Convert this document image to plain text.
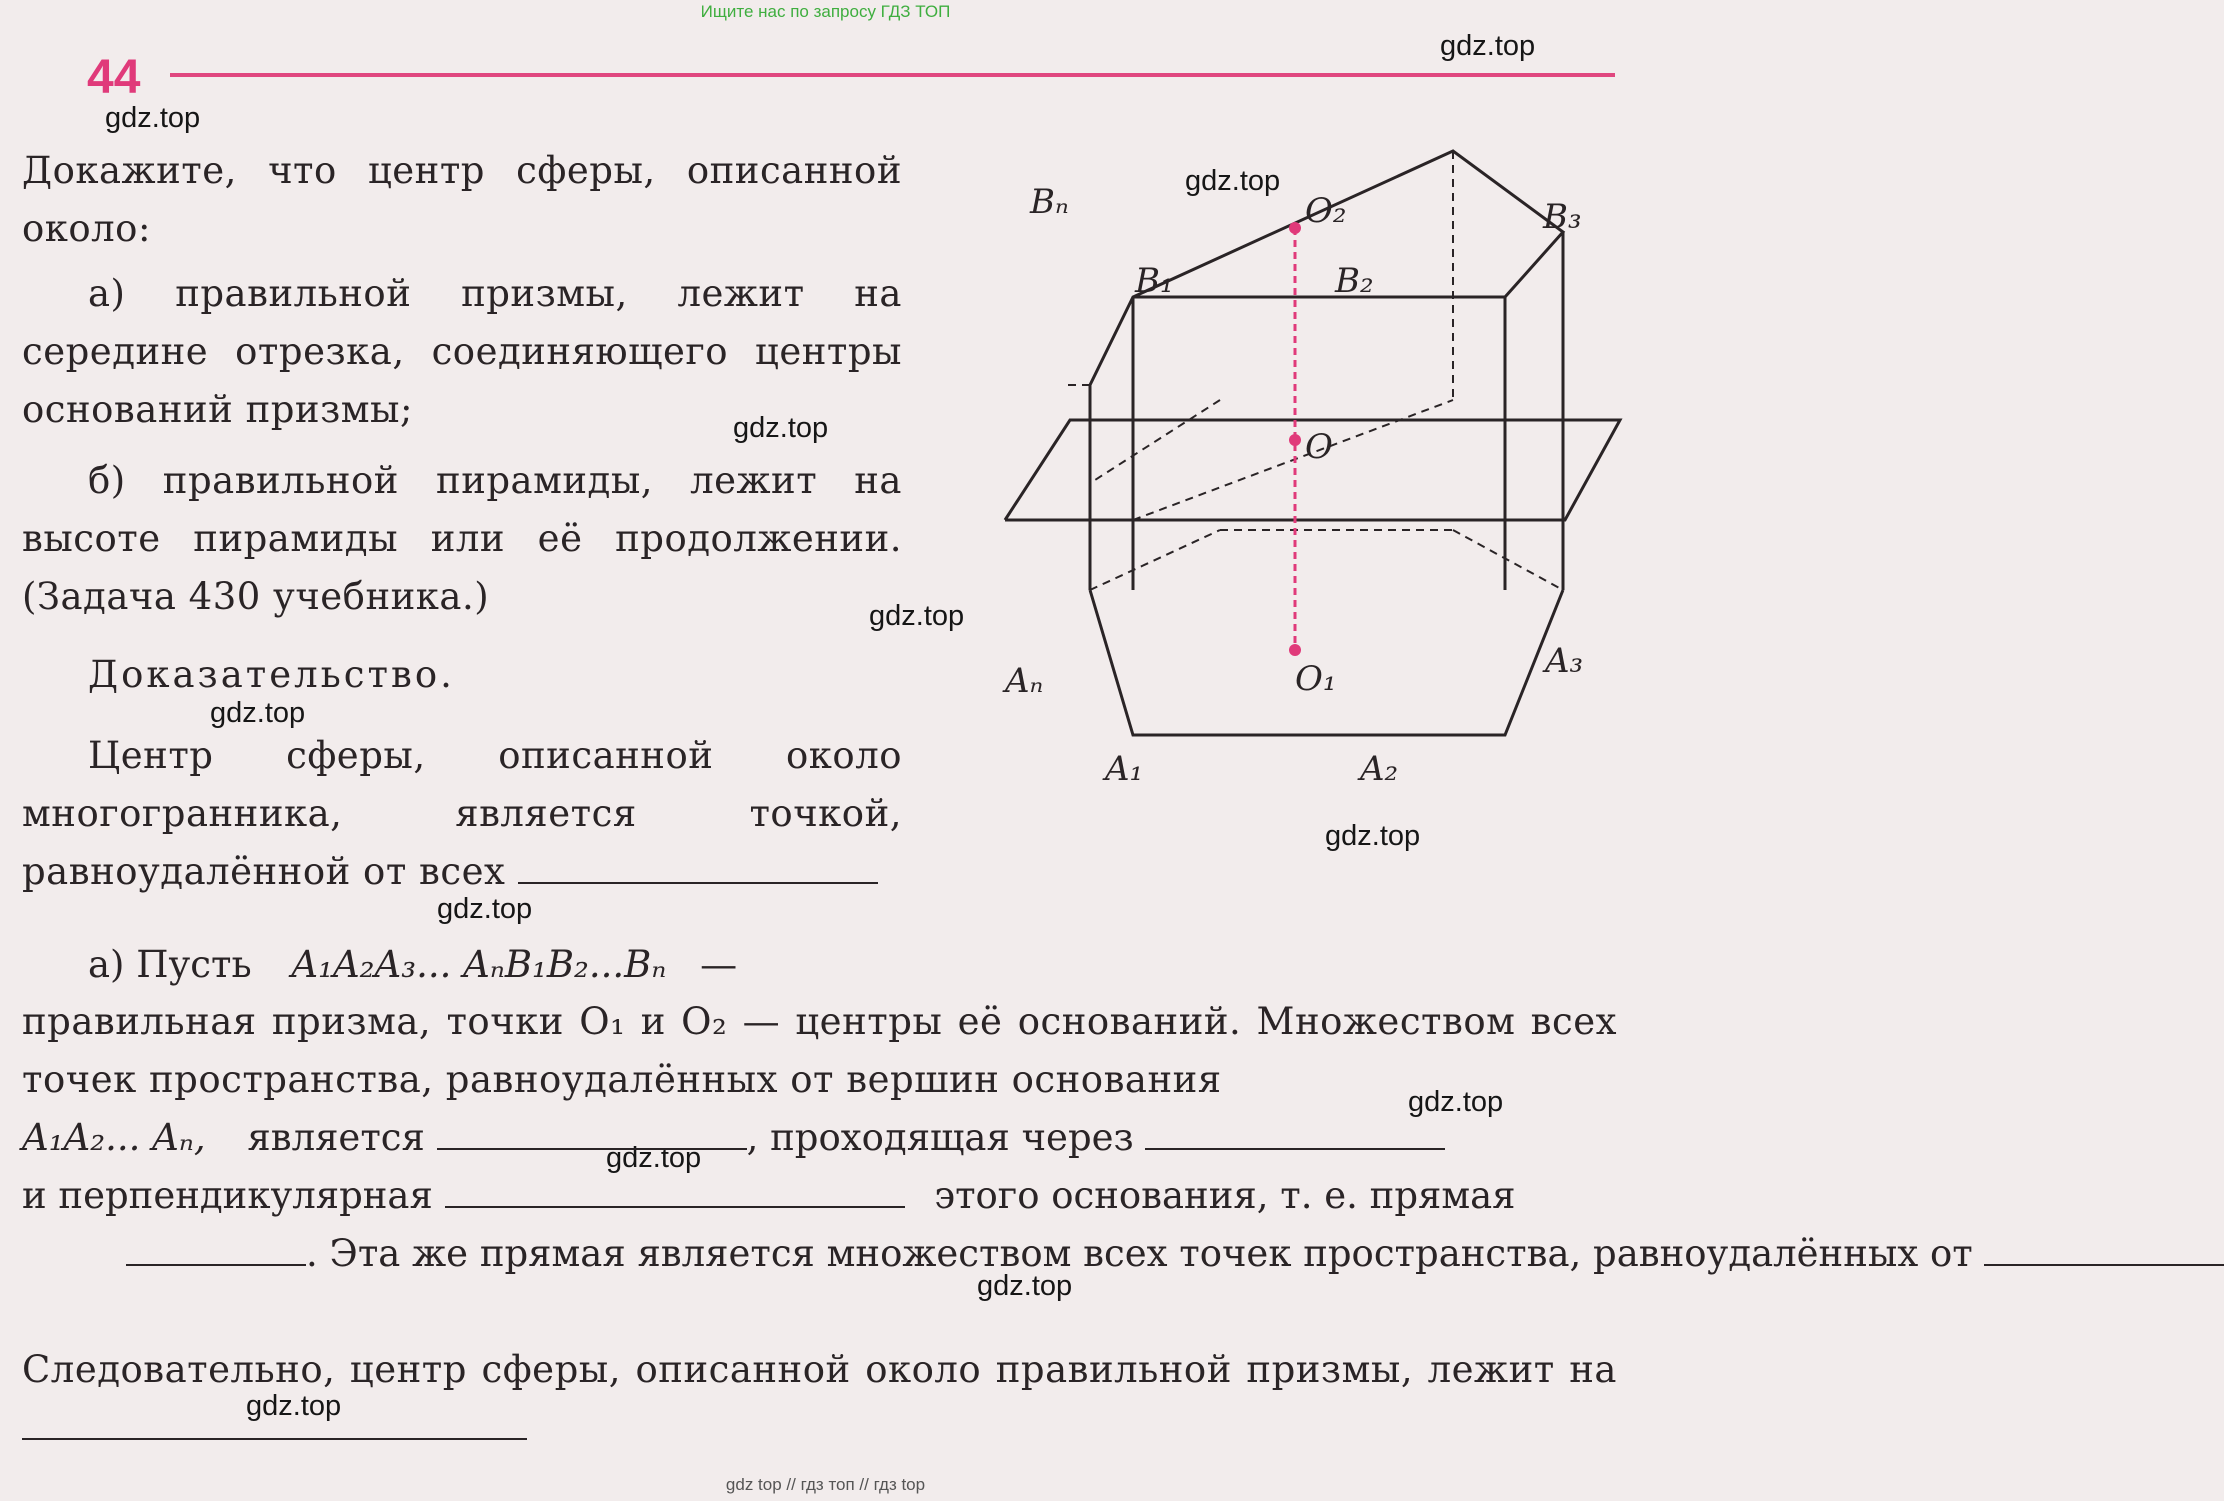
Ищите нас по запросу ГДЗ ТОП
44
gdz.top
gdz.top
gdz.top
gdz.top
gdz.top
gdz.top
gdz.top
gdz.top
gdz.top
gdz.top
gdz.top
gdz.top
Докажите, что центр сферы, описанной около:
а) правильной призмы, лежит на середине отрезка, соединяющего центры оснований призмы;
б) правильной пирамиды, лежит на высоте пирамиды или её продолжении. (Задача 430 учебника.)
Доказательство.
Центр сферы, описанной около многогранника, является точкой, равноудалённой от всех
а) Пусть A₁A₂A₃... AₙB₁B₂...Bₙ —
правильная призма, точки O₁ и O₂ — центры её оснований. Множеством всех точек пространства, равноудалённых от вершин основания
A₁A₂... Aₙ, является	, проходящая через
и перпендикулярная	этого основания, т. е. прямая
. Эта же прямая является множеством всех точек пространства, равноудалённых от
Следовательно, центр сферы, описанной около правильной призмы, лежит на
Bₙ	O₂	B₃
B₁	B₂
O
Aₙ	O₁	A₃
A₁	A₂
gdz top // гдз топ // гдз top
